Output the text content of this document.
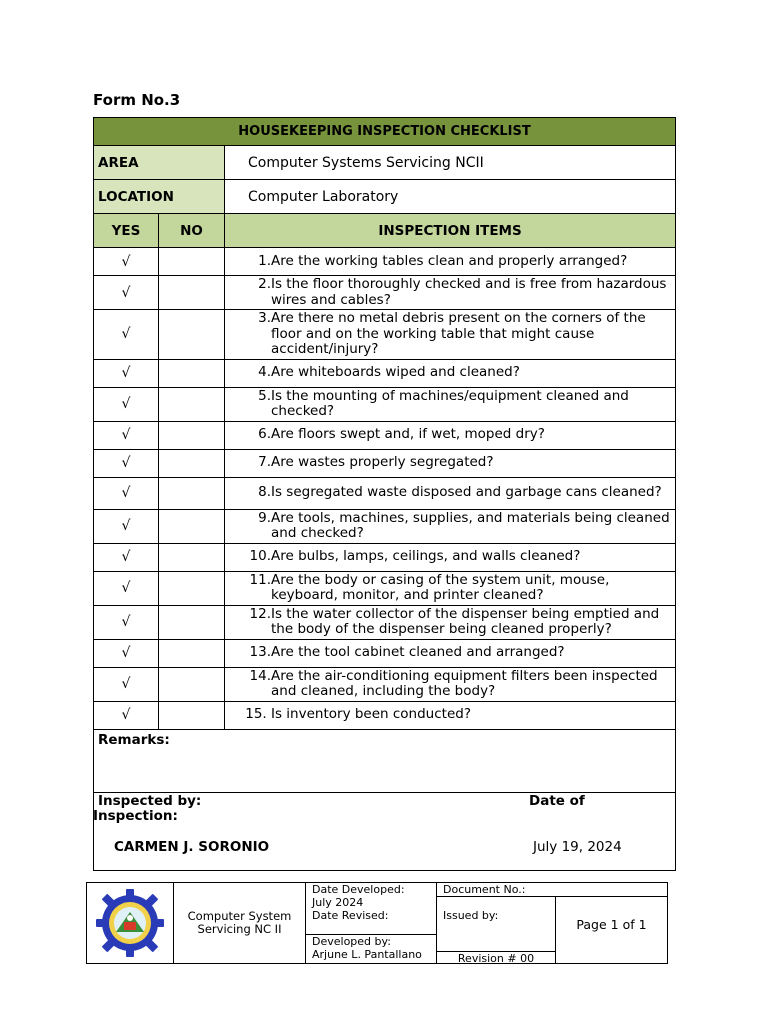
Form No.3
HOUSEKEEPING INSPECTION CHECKLIST		
AREA		Computer Systems Servicing NCII
LOCATION		Computer Laboratory
YES	NO	INSPECTION ITEMS
√		1. Are the working tables clean and properly arranged?

√		2. Is the floor thoroughly checked and is free from hazardous wires and cables?

√		3. Are there no metal debris present on the corners of the floor and on the working table that might cause accident/injury?

√		4. Are whiteboards wiped and cleaned?

√		5. Is the mounting of machines/equipment cleaned and checked?

√		6. Are floors swept and, if wet, moped dry?

√		7. Are wastes properly segregated?

√		8. Is segregated waste disposed and garbage cans cleaned?

√		9. Are tools, machines, supplies, and materials being cleaned and checked?

√		10. Are bulbs, lamps, ceilings, and walls cleaned?

√		11. Are the body or casing of the system unit, mouse, keyboard, monitor, and printer cleaned?

√		12. Is the water collector of the dispenser being emptied and the body of the dispenser being cleaned properly?

√		13. Are the tool cabinet cleaned and arranged?

√		14. Are the air-conditioning equipment filters been inspected and cleaned, including the body?

√		15. Is inventory been conducted?

Remarks:		

Inspected by:
Inspection:
Date of
CARMEN J. SORONIO July 19, 2024		
Computer System
Servicing NC II
Date Developed:
July 2024
Date Revised:
Developed by:
Arjune L. Pantallano
Document No.:
Issued by:
Revision # 00
Page 1 of 1
